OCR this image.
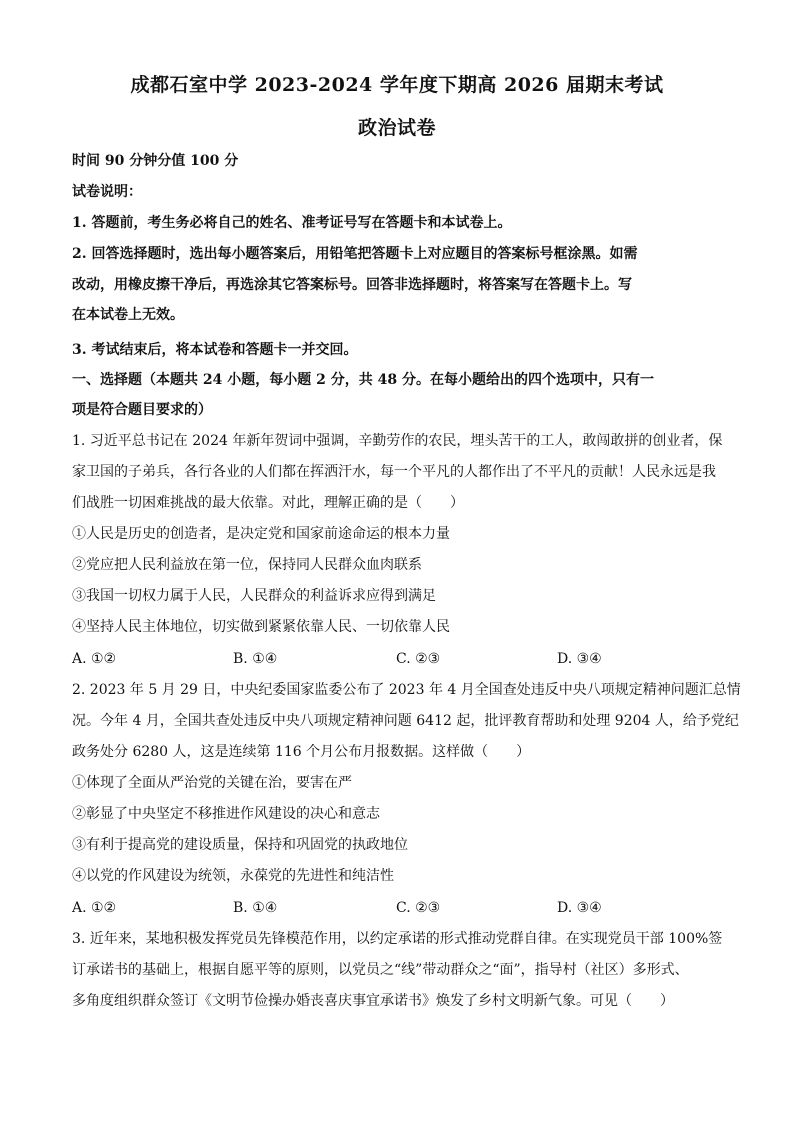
成都石室中学 2023-2024 学年度下期高 2026 届期末考试
政治试卷
时间 90 分钟分值 100 分
试卷说明：
1. 答题前，考生务必将自己的姓名、准考证号写在答题卡和本试卷上。
2. 回答选择题时，选出每小题答案后，用铅笔把答题卡上对应题目的答案标号框涂黑。如需
改动，用橡皮擦干净后，再选涂其它答案标号。回答非选择题时，将答案写在答题卡上。写
在本试卷上无效。
3. 考试结束后，将本试卷和答题卡一并交回。
一、选择题（本题共 24 小题，每小题 2 分，共 48 分。在每小题给出的四个选项中，只有一
项是符合题目要求的）
1. 习近平总书记在 2024 年新年贺词中强调，辛勤劳作的农民，埋头苦干的工人，敢闯敢拼的创业者，保
家卫国的子弟兵，各行各业的人们都在挥洒汗水，每一个平凡的人都作出了不平凡的贡献！人民永远是我
们战胜一切困难挑战的最大依靠。对此，理解正确的是（　　）
①人民是历史的创造者，是决定党和国家前途命运的根本力量
②党应把人民利益放在第一位，保持同人民群众血肉联系
③我国一切权力属于人民，人民群众的利益诉求应得到满足
④坚持人民主体地位，切实做到紧紧依靠人民、一切依靠人民
A. ①②	B. ①④	C. ②③	D. ③④
2. 2023 年 5 月 29 日，中央纪委国家监委公布了 2023 年 4 月全国查处违反中央八项规定精神问题汇总情
况。今年 4 月，全国共查处违反中央八项规定精神问题 6412 起，批评教育帮助和处理 9204 人，给予党纪
政务处分 6280 人，这是连续第 116 个月公布月报数据。这样做（　　）
①体现了全面从严治党的关键在治，要害在严
②彰显了中央坚定不移推进作风建设的决心和意志
③有利于提高党的建设质量，保持和巩固党的执政地位
④以党的作风建设为统领，永葆党的先进性和纯洁性
A. ①②	B. ①④	C. ②③	D. ③④
3. 近年来，某地积极发挥党员先锋模范作用，以约定承诺的形式推动党群自律。在实现党员干部 100%签
订承诺书的基础上，根据自愿平等的原则，以党员之“线”带动群众之“面”，指导村（社区）多形式、
多角度组织群众签订《文明节俭操办婚丧喜庆事宜承诺书》焕发了乡村文明新气象。可见（　　）
